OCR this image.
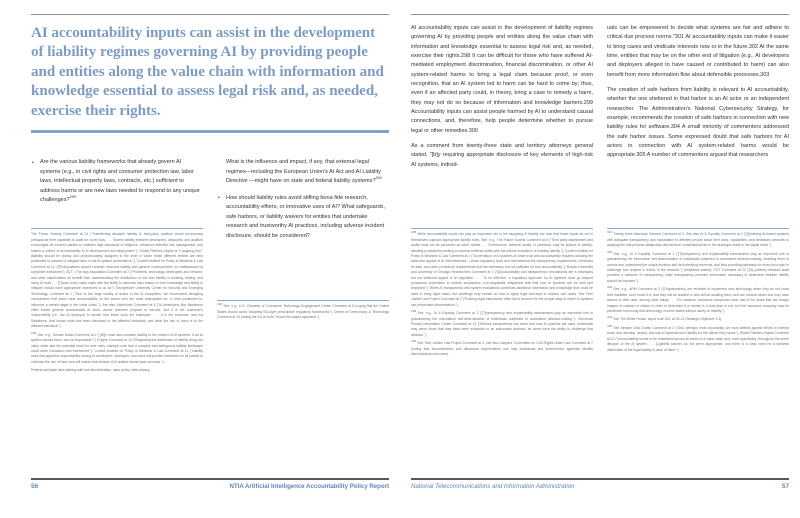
AI accountability inputs can assist in the development of liability regimes governing AI by providing people and entities along the value chain with information and knowledge essential to assess legal risk and, as needed, exercise their rights.
• Are the various liability frameworks that already govern AI systems (e.g., in civil rights and consumer protection law, labor laws, intellectual property laws, contracts, etc.) sufficient to address harms or are new laws needed to respond to any unique challenges?$^{299}$
What is the influence and impact, if any, that external legal regimes—including the European Union's AI Act and AI Liability Directive —might have on state and federal liability systems?$^{300}$
• How should liability rules avoid stifling bona fide research, accountability efforts, or innovative uses of AI? What safeguards, safe harbors, or liability waivers for entities that undertake research and trustworthy AI practices, including adverse incident disclosure, should be considered?

The Future Society Comment at 11 ("Transferring absolute liability to third-party auditors would erroneously presuppose their capability to audit for novel risks. . . . Shared liability between developers, deployers, and auditors encourages all involved parties to maintain high standards of diligence, enhances effective risk management, and fosters a culture of accountability in AI development and deployment."); Global Partners Digital at 3 (arguing that "[l]iability should be clearly and proportionately assigned to the level in which those different entities are best positioned to prevent or mitigate harm in the AI system performance."); Cordell Institute for Policy in Medicine & Law Comment at 11 ("[P]olicymakers should consider vicarious liability and general consequences for malfeasance by corporate executives"); ACT | The App Association Comment at 2 ("Providers, technology developers and vendors, and other stakeholders all benefit from understanding the distribution of risk and liability in building, testing, and using AI tools . . . [T]hose in the value chain with the ability to minimize risks based on their knowledge and ability to mitigate should have appropriate incentives to do so"); Georgetown University Center for Security and Emerging Technology Comment at 1 ("Due to the large variety of actors in the AI ecosystem, we recommend designing mechanisms that place clear accountability on the actors who are most responsible for, or best positioned to, influence a certain stage in the value chain."); See also Salesforce Comment at 8 ("AI developers like Salesforce often create general customizable AI tools, whose intended purpose is low-risk, and it is the customer's responsibility (i.e., the AI deployer) to decide how these tools are employed. . . . It is the customer, and not Salesforce, that knows what has been disclosed to the affected individual, and what the risk of harm is to the affected individual.").

299See, e.g., Senate Docks Comment at 2 ("[W]e must also consider liability in the context of AI systems. If an AI system causes harm, who is responsible?"); Engine Comment at 10 ("Regarding the distribution of liability along the value chain and the potential need for new rules, startups note that a complex and ambiguous liability landscape could deter innovation and investment."); Cordell Institute for Policy in Medicine & Law Comment at 11 ("Liability rules that apportion responsibility among AI developers, deployers, and users will provide incentives for all parties to minimize the risk of harm and will ensure that victims of AI-related harms have recourse.").

Federal and state laws dealing with anti-discrimination, labor policy, data privacy,

300See, e.g., U.S. Chamber of Commerce Technology Engagement Center Comment at 8 (urging that the United States should avoid "adopting EU-style prescriptive regulatory frameworks"); Center for Democracy & Technology Comment at 15 (noting the EU AI Act's "broad risk-based approach.").

56	NTIA Artificial Intelligence Accountability Policy Report

AI accountability inputs can assist in the development of liability regimes governing AI by providing people and entities along the value chain with information and knowledge essential to assess legal risk and, as needed, exercise their rights.298 It can be difficult for those who have suffered AI-mediated employment discrimination, financial discrimination, or other AI system-related harms to bring a legal claim because proof, or even recognition, that an AI system led to harm can be hard to come by; thus, even if an affected party could, in theory, bring a case to remedy a harm, they may not do so because of information and knowledge barriers.299 Accountability inputs can assist people harmed by AI to understand causal connections, and, therefore, help people determine whether to pursue legal or other remedies.300

As a comment from twenty-three state and territory attorneys general stated, "[b]y requiring appropriate disclosure of key elements of high-risk AI systems, individ-

uals can be empowered to decide what systems are fair and adhere to critical due process norms."301 AI accountability inputs can make it easier to bring cases and vindicate interests now or in the future.302 At the same time, entities that may be on the other end of litigation (e.g., AI developers and deployers alleged to have caused or contributed to harm) can also benefit from more information flow about defensible processes.303

The creation of safe harbors from liability is relevant to AI accountability, whether the one sheltered in that harbor is an AI actor or an independent researcher. The Administration's National Cybersecurity Strategy, for example, recommends the creation of safe harbors in connection with new liability rules for software.304 A small minority of commenters addressed the safe harbor issues. Some expressed doubt that safe harbors for AI actors in connection with AI system-related harms would be appropriate.305 A number of commenters argued that researchers

298While accountability inputs can play an important role in the assigning of liability, we note that these inputs do not in themselves supplant appropriate liability rules. See, e.g., The Future Society Comment at 8 ("Third party assessment and audits must not be perceived as silver bullets . . . Furthermore, external audits, in particular, may be subject to liability-washing (companies seeking to conduct external audits with the ulterior motivation of evading liability."); Cordell Institute for Policy in Medicine & Law Comment at 1 ("Governance of AI systems is foster trust and accountability requires avoiding the seductive appeal of AI half-measures"—those regulatory tools and mechanisms like transparency requirements, checklists for bias, and other procedural requirements that are necessary but not sufficient for true accountability."); Boston University and University of Chicago Researchers Comment at 2 ("[A]ccountability and transparency mechanisms are a necessary but not sufficient aspect of AI regulation. . . . To be effective, a regulatory approach for AI systems must go beyond procedural protections to include substantive, non-negotiable obligations that limit how AI systems can be built and deployed."); When AI transparency and system evaluations contribute additional information and knowledge that could be used to bring legal cases, the challenge may remain on how to apply legal concepts to modern use cases. See Tech Justice Law Project Comment at 2 ("Existing legal frameworks often fail to account for the unique ways in which AI systems can perpetuate discrimination.").

299See, e.g., AI & Equality Comment at 2 ("[T]ransparency and explainability mechanisms play an important role in guaranteeing the information self-determination of individuals subjected to automated decision-making."); Electronic Privacy Information Center Comment at 12 ("Without transparency into when and how AI systems are used, individuals may never know that they have been subjected to an automated decision, let alone have the ability to challenge that decision.").

300See Tech Justice Law Project Comment at 3; see also Lawyers' Committee for Civil Rights Under Law Comment at 7 (noting that documentation and disclosure requirements can help individuals and enforcement agencies identify discriminatory outcomes).

301Twenty-three Attorneys General Comment at 3. See also AI & Equality Comment at 2 ("[E]nabling AI-based systems with adequate transparency and explanation to affected people about their uses, capabilities, and limitations amounts to applying the due process safeguards derived from constitutional law in the analogue world to the digital world.").

302See, e.g., AI & Equality Comment at 2 ("[T]ransparency and explainability mechanisms play an important role in guaranteeing the information self-determination of individuals subjected to automated decision-making, enabling them to access and understand the output decision and its underlying elements, and thus providing pathways for those who wish to challenge and request a review of the decision.") (emphasis added); CDT Comment at 22 ("[A] publicly released audit provides a measure of transparency, while transparency provides information necessary to determine whether liability should be imposed.").

303See, e.g., ARM Comment at 3 ("[Organizations] are reluctant to implement new technology when they do not know their liabilities, don't know if or how they will be audited or who will be auditing them, and are unclear about who may have access to their data, among other things . . . For instance, insurance companies have had AI for years that can assign images of crashes or claims in order to determine if a vehicle is a total loss or not, but the insurance company may be prevented from using that technology in some states without clarity on liability.").

304See The White House, supra note 152, at 20-21 (Strategic Objective 3.3).

305See Senator Dick Durbin Comment at 2 ("And, perhaps most importantly, we must defend against efforts to exempt those who develop, deploy, and use AI systems from liability for the harms they cause"); Global Partners Digital Comment at 10 ("Accountability needs to be embedded across all actors in a value chain and, more specifically, throughout the entire lifecycle of the AI system . . . [L]iability waivers do not seem appropriate, and there is a clear need for a dynamic distribution of the legal liability in case of harm.").

National Telecommunications and Information Administration	57
